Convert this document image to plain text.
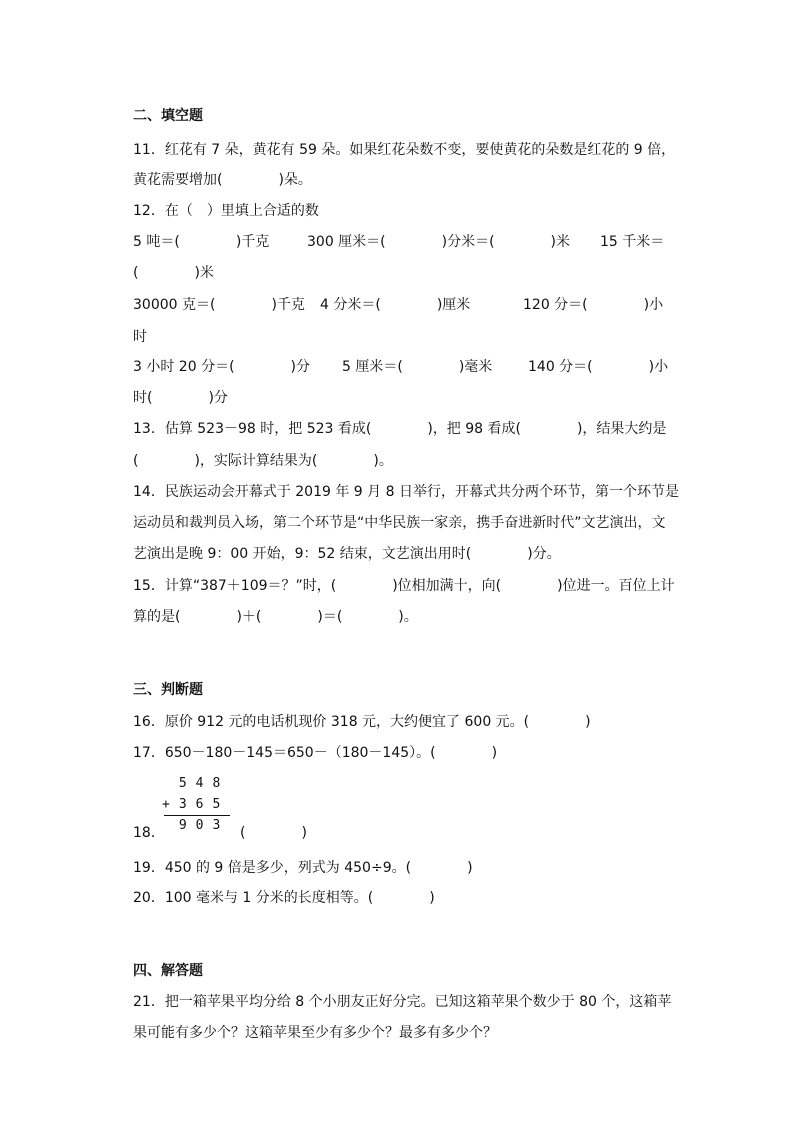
二、填空题
11．红花有 7 朵，黄花有 59 朵。如果红花朵数不变，要使黄花的朵数是红花的 9 倍，
黄花需要增加(　　　　)朵。
12．在（　）里填上合适的数
5 吨＝(　　　　)千克	300 厘米＝(　　　　)分米＝(　　　　)米 15 千米＝
(　　　　)米
30000 克＝(　　　　)千克 4 分米＝(　　　　)厘米	120 分＝(　　　　)小
时
3 小时 20 分＝(　　　　)分 5 厘米＝(　　　　)毫米	140 分＝(　　　　)小
时(　　　　)分
13．估算 523－98 时，把 523 看成(　　　　)，把 98 看成(　　　　)，结果大约是
(　　　　)，实际计算结果为(　　　　)。
14．民族运动会开幕式于 2019 年 9 月 8 日举行，开幕式共分两个环节，第一个环节是
运动员和裁判员入场，第二个环节是“中华民族一家亲，携手奋进新时代”文艺演出，文
艺演出是晚 9：00 开始，9：52 结束，文艺演出用时(　　　　)分。
15．计算“387＋109＝？”时，(　　　　)位相加满十，向(　　　　)位进一。百位上计
算的是(　　　　)＋(　　　　)＝(　　　　)。
三、判断题
16．原价 912 元的电话机现价 318 元，大约便宜了 600 元。(　　　　)
17．650－180－145＝650－（180－145）。(　　　　)
548
+365
903
18．	(　　　　)
19．450 的 9 倍是多少，列式为 450÷9。(　　　　)
20．100 毫米与 1 分米的长度相等。(　　　　)
四、解答题
21．把一箱苹果平均分给 8 个小朋友正好分完。已知这箱苹果个数少于 80 个，这箱苹
果可能有多少个？这箱苹果至少有多少个？最多有多少个？
